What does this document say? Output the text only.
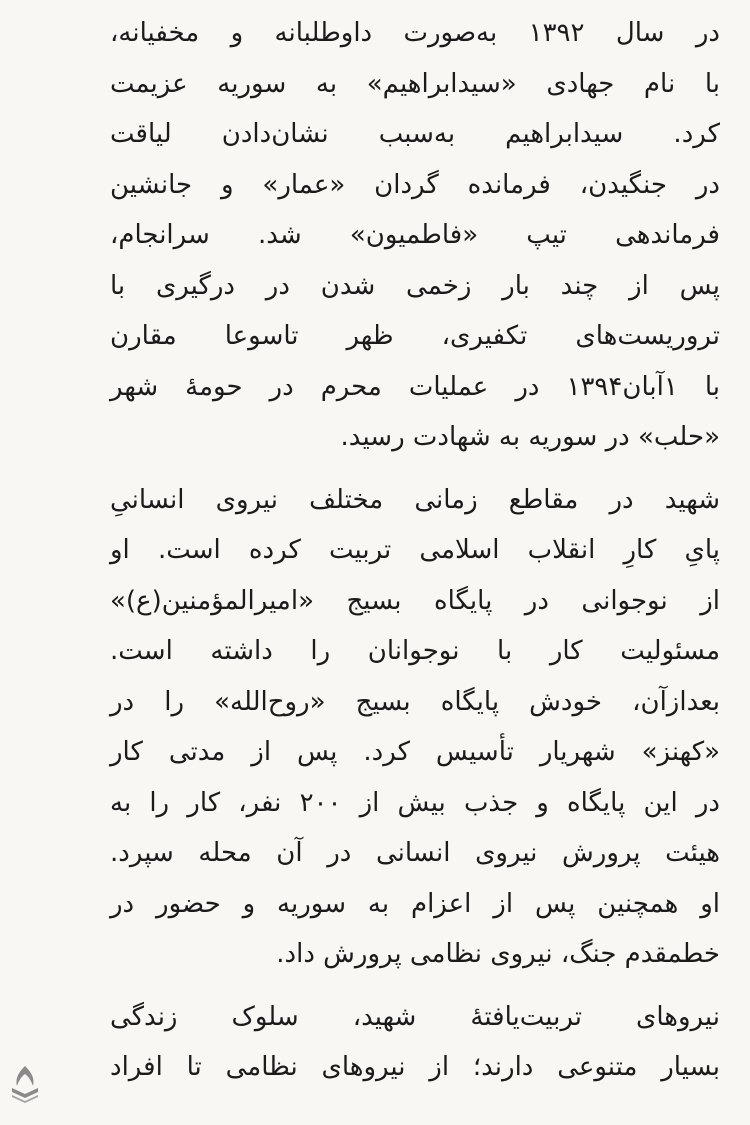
در سال ۱۳۹۲ به‌صورت داوطلبانه و مخفیانه،
با نام جهادی «سیدابراهیم» به سوریه عزیمت
کرد. سیدابراهیم به‌سبب نشان‌دادن لیاقت
در جنگیدن، فرمانده گردان «عمار» و جانشین
فرماندهی تیپ «فاطمیون» شد. سرانجام،
پس از چند بار زخمی شدن در درگیری با
تروریست‌های تکفیری، ظهر تاسوعا مقارن
با ۱آبان۱۳۹۴ در عملیات محرم در حومهٔ شهر
«حلب» در سوریه به شهادت رسید.

شهید در مقاطع زمانی مختلف نیروی انسانیِ
پایِ کارِ انقلاب اسلامی تربیت کرده است. او
از نوجوانی در پایگاه بسیج «امیرالمؤمنین(ع)»
مسئولیت کار با نوجوانان را داشته است.
بعدازآن، خودش پایگاه بسیج «روح‌الله» را در
«کهنز» شهریار تأسیس کرد. پس از مدتی کار
در این پایگاه و جذب بیش از ۲۰۰ نفر، کار را به
هیئت پرورش نیروی انسانی در آن محله سپرد.
او همچنین پس از اعزام به سوریه و حضور در
خطمقدم جنگ، نیروی نظامی پرورش داد.

نیروهای تربیت‌یافتهٔ شهید، سلوک زندگی
بسیار متنوعی دارند؛ از نیروهای نظامی تا افراد
